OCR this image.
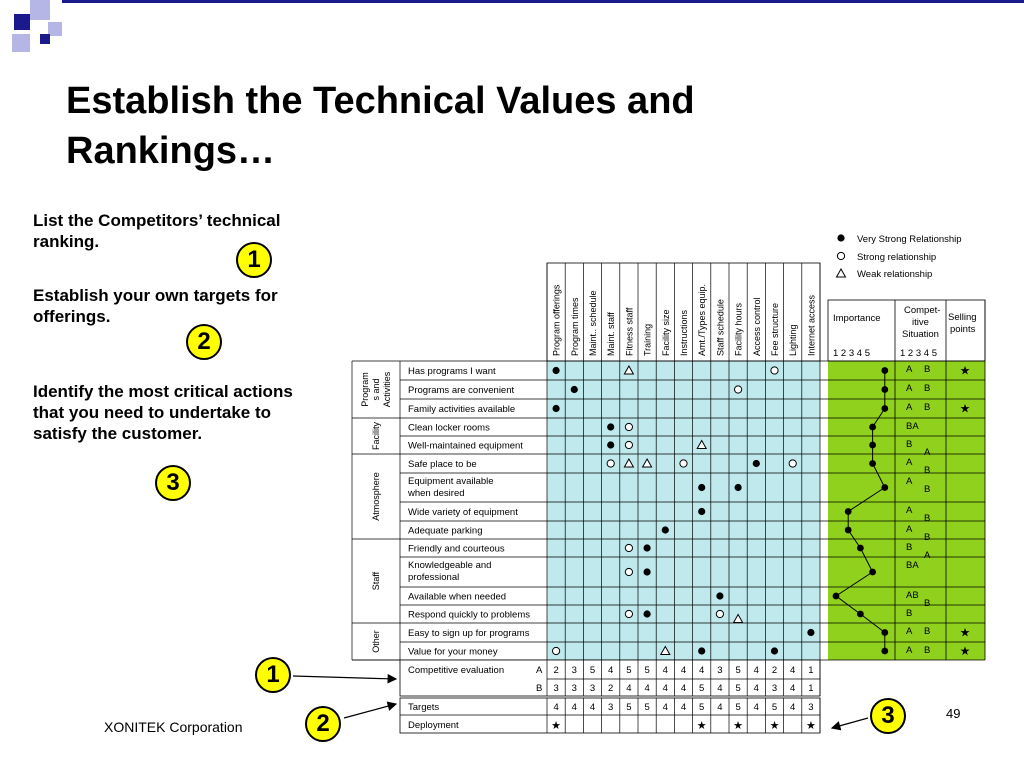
Establish the Technical Values and Rankings…

List the Competitors’ technical ranking.

Establish your own targets for offerings.

Identify the most critical actions that you need to undertake to satisfy the customer.

1
2
3
Very Strong Relationship
Strong relationship
Weak relationship
Program offerings Program times Maint.. schedule Maint. staff Fitness staff Training Facility size Instructions Amt./Types equip. Staff schedule Facility hours Access control Fee structure Lighting Internet access Importance
1 2 3 4 5
Compet-
itive
Situation
1 2 3 4 5
Selling
points
Has programs I want
Programs are convenient
Family activities available
Clean locker rooms
Well-maintained equipment
Safe place to be
Equipment available
when desired
Wide variety of equipment
Adequate parking
Friendly and courteous
Knowledgeable and
professional
Available when needed
Respond quickly to problems
Easy to sign up for programs
Value for your money
Program s and Activities
Facility
Atmosphere
Staff
Other
A B
A B
A B
BA
B
A
A
B
A
B
A
B
A
B
B
A
BA
AB
B
B
A B
A B
★
★
★
★
Competitive evaluation	A
B
Targets
Deployment
2
3
4
★
3
3
4
5
3
4
4
2
3
5
4
5
5
4
5
4
4
4
4
4
4
4
5
5
★
3
4
4
5
5
5
★
4
4
4
2
3
5
★
4
4
4
1
1
3
★
1
2	3
XONITEK Corporation
49
